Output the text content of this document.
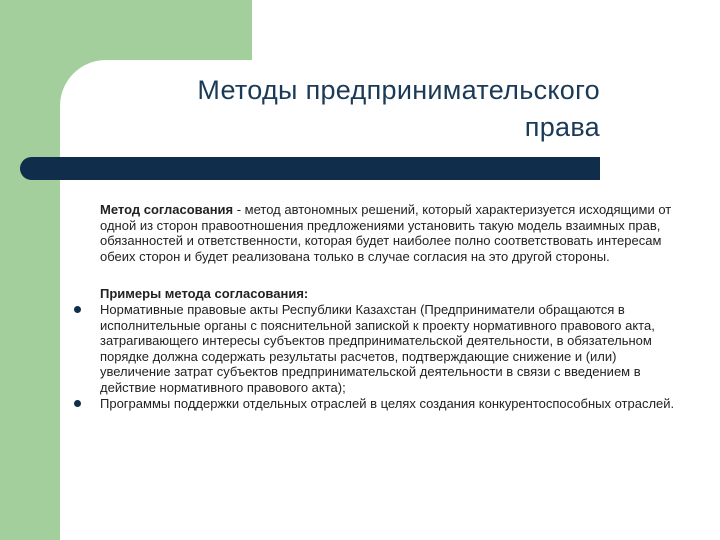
Методы предпринимательского
права

Метод согласования - метод автономных решений, который характеризуется исходящими от одной из сторон правоотношения предложениями установить такую модель взаимных прав, обязанностей и ответственности, которая будет наиболее полно соответствовать интересам обеих сторон и будет реализована только в случае согласия на это другой стороны.

Примеры метода согласования:

Нормативные правовые акты Республики Казахстан (Предприниматели обращаются в исполнительные органы с пояснительной запиской к проекту нормативного правового акта, затрагивающего интересы субъектов предпринимательской деятельности, в обязательном порядке должна содержать результаты расчетов, подтверждающие снижение и (или) увеличение затрат субъектов предпринимательской деятельности в связи с введением в действие нормативного правового акта);
Программы поддержки отдельных отраслей в целях создания конкурентоспособных отраслей.
